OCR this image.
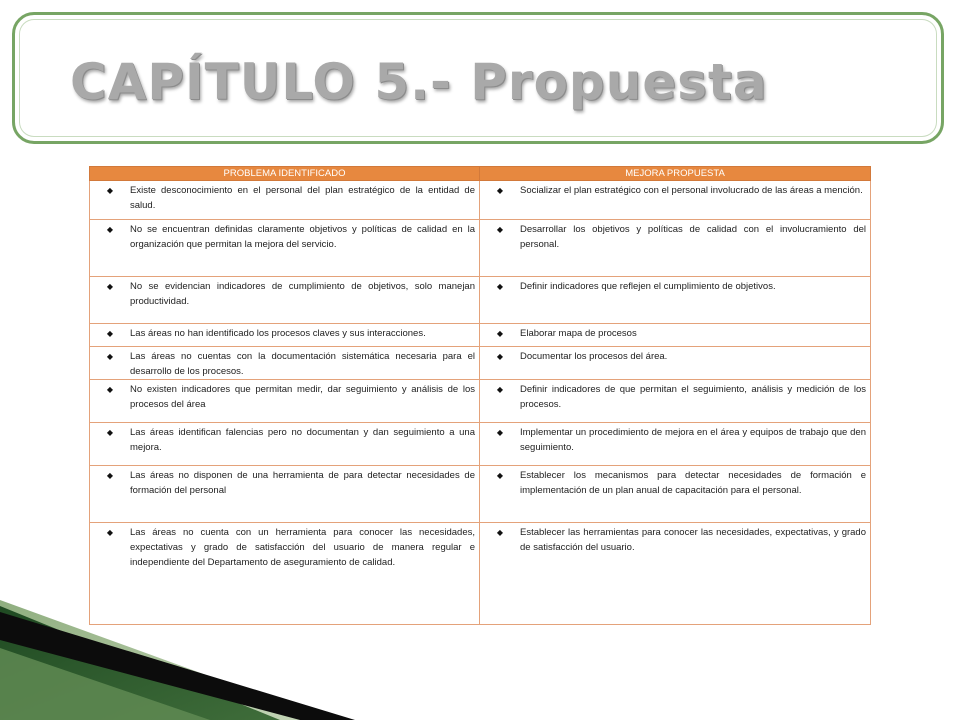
CAPÍTULO 5.- Propuesta
PROBLEMA IDENTIFICADO	MEJORA PROPUESTA

◆ Existe desconocimiento en el personal del plan estratégico de la entidad de salud.	◆ Socializar el plan estratégico con el personal involucrado de las áreas a mención.

◆ No se encuentran definidas claramente objetivos y políticas de calidad en la organización que permitan la mejora del servicio.	◆ Desarrollar los objetivos y políticas de calidad con el involucramiento del personal.

◆ No se evidencian indicadores de cumplimiento de objetivos, solo manejan productividad.	◆ Definir indicadores que reflejen el cumplimiento de objetivos.

◆ Las áreas no han identificado los procesos claves y sus interacciones.	◆ Elaborar mapa de procesos

◆ Las áreas no cuentas con la documentación sistemática necesaria para el desarrollo de los procesos.	◆ Documentar los procesos del área.

◆ No existen indicadores que permitan medir, dar seguimiento y análisis de los procesos del área	◆ Definir indicadores de que permitan el seguimiento, análisis y medición de los procesos.

◆ Las áreas identifican falencias pero no documentan y dan seguimiento a una mejora.	◆ Implementar un procedimiento de mejora en el área y equipos de trabajo que den seguimiento.

◆ Las áreas no disponen de una herramienta de para detectar necesidades de formación del personal	◆ Establecer los mecanismos para detectar necesidades de formación e implementación de un plan anual de capacitación para el personal.

◆ Las áreas no cuenta con un herramienta para conocer las necesidades, expectativas y grado de satisfacción del usuario de manera regular e independiente del Departamento de aseguramiento de calidad.	◆ Establecer las herramientas para conocer las necesidades, expectativas, y grado de satisfacción del usuario.
